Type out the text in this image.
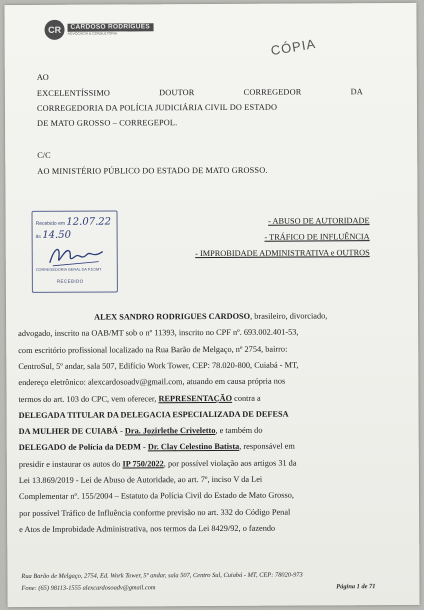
CR	CARDOSO RODRIGUES
ADVOCACIA & CONSULTORIA
CÓPIA
AO
EXCELENTÍSSIMO	DOUTOR	CORREGEDOR	DA
CORREGEDORIA DA POLÍCIA JUDICIÁRIA CIVIL DO ESTADO
DE MATO GROSSO – CORREGEPOL.
C/C
AO MINISTÉRIO PÚBLICO DO ESTADO DE MATO GROSSO.
Recebido em 12.07.22
às 14.50
CORREGEDORIA GERAL DA PJC/MT
RECEBIDO
- ABUSO DE AUTORIDADE
- TRÁFICO DE INFLUÊNCIA
- IMPROBIDADE ADMINISTRATIVA e OUTROS
ALEX SANDRO RODRIGUES CARDOSO, brasileiro, divorciado,
advogado, inscrito na OAB/MT sob o nº 11393, inscrito no CPF nº. 693.002.401-53,
com escritório profissional localizado na Rua Barão de Melgaço, nº 2754, bairro:
CentroSul, 5º andar, sala 507, Edifício Work Tower, CEP: 78.020-800, Cuiabá - MT,
endereço eletrônico: alexcardosoadv@gmail.com, atuando em causa própria nos
termos do art. 103 do CPC, vem oferecer, REPRESENTAÇÃO contra a
DELEGADA TITULAR DA DELEGACIA ESPECIALIZADA DE DEFESA
DA MULHER DE CUIABÁ - Dra. Jozirlethe Criveletto, e também do
DELEGADO de Polícia da DEDM - Dr. Clay Celestino Batista, responsável em
presidir e instaurar os autos do IP 750/2022, por possível violação aos artigos 31 da
Lei 13.869/2019 - Lei de Abuso de Autoridade, ao art. 7º, inciso V da Lei
Complementar nº. 155/2004 – Estatuto da Polícia Civil do Estado de Mato Grosso,
por possível Tráfico de Influência conforme previsão no art. 332 do Código Penal
e Atos de Improbidade Administrativa, nos termos da Lei 8429/92, o fazendo
Rua Barão de Melgaço, 2754, Ed. Work Tower, 5º andar, sala 507, Centro Sul, Cuiabá - MT, CEP: 78020-973
Fone: (65) 98113-1555 alexcardosoadv@gmail.com	Página 1 de 71
